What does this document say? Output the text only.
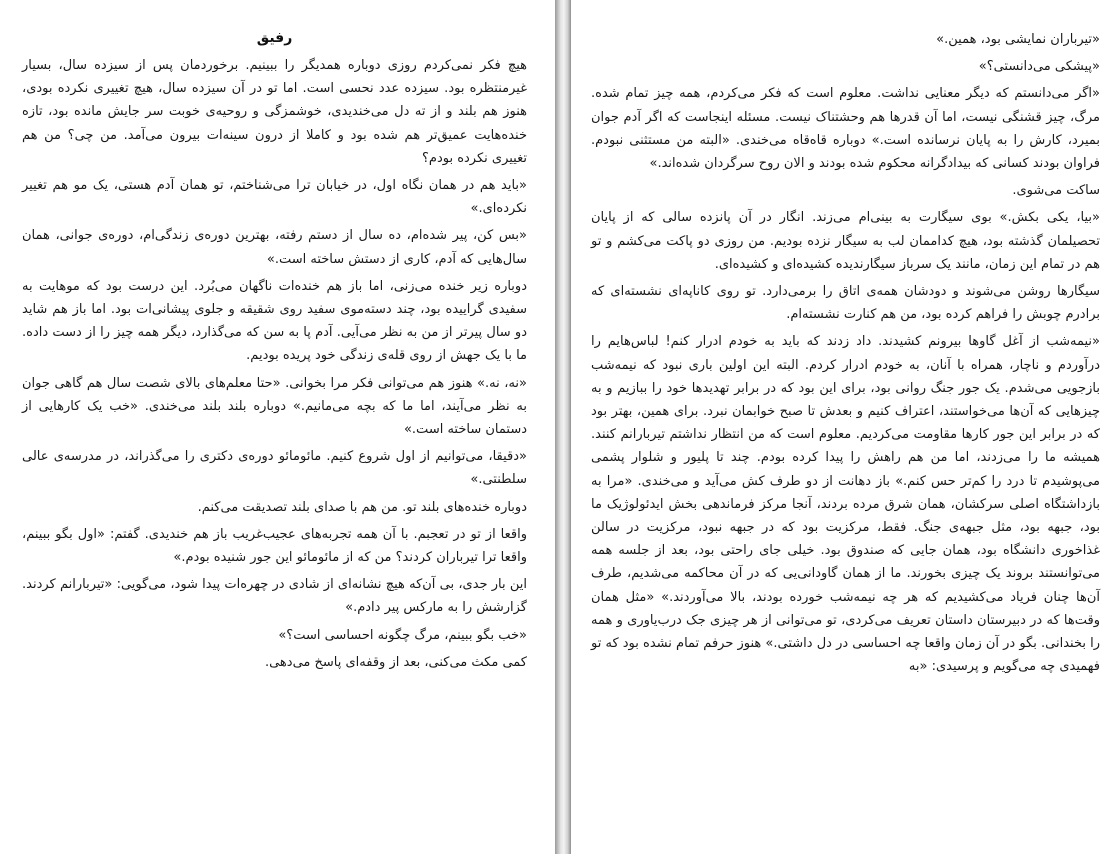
رفیق

هیچ فکر نمی‌کردم روزی دوباره همدیگر را ببینیم. برخوردمان پس از سیزده سال، بسیار غیرمنتظره بود. سیزده عدد نحسی است. اما تو در آن سیزده سال، هیچ تغییری نکرده بودی، هنوز هم بلند و از ته دل می‌خندیدی، خوشمزگی و روحیه‌ی خوبت سر جایش مانده بود، تازه خنده‌هایت عمیق‌تر هم شده بود و کاملا از درون سینه‌ات بیرون می‌آمد. من چی؟ من هم تغییری نکرده بودم؟

«باید هم در همان نگاه اول، در خیابان ترا می‌شناختم، تو همان آدم هستی، یک مو هم تغییر نکرده‌ای.»

«بس کن، پیر شده‌ام، ده سال از دستم رفته، بهترین دوره‌ی زندگی‌ام، دوره‌ی جوانی، همان سال‌هایی که آدم، کاری از دستش ساخته است.»

دوباره زیر خنده می‌زنی، اما باز هم خنده‌ات ناگهان می‌بُرد. این درست بود که موهایت به سفیدی گراییده بود، چند دسته‌موی سفید روی شقیقه و جلوی پیشانی‌ات بود. اما باز هم شاید دو سال پیرتر از من به نظر می‌آیی. آدم پا به سن که می‌گذارد، دیگر همه چیز را از دست داده. ما با یک جهش از روی قله‌ی زندگی خود پریده بودیم.

«نه، نه.» هنوز هم می‌توانی فکر مرا بخوانی. «حتا معلم‌های بالای شصت سال هم گاهی جوان به نظر می‌آیند، اما ما که بچه می‌مانیم.» دوباره بلند بلند می‌خندی. «خب یک کارهایی از دستمان ساخته است.»

«دقیقا، می‌توانیم از اول شروع کنیم. مائومائو دوره‌ی دکتری را می‌گذراند، در مدرسه‌ی عالی سلطنتی.»

دوباره خنده‌های بلند تو. من هم با صدای بلند تصدیقت می‌کنم.

واقعا از تو در تعجبم. با آن همه تجربه‌های عجیب‌غریب باز هم خندیدی. گفتم: «اول بگو ببینم، واقعا ترا تیرباران کردند؟ من که از مائومائو این جور شنیده بودم.»

این بار جدی، بی آن‌که هیچ نشانه‌ای از شادی در چهره‌ات پیدا شود، می‌گویی: «تیربارانم کردند. گزارشش را به مارکس پیر دادم.»

«خب بگو ببینم، مرگ چگونه احساسی است؟»

کمی مکث می‌کنی، بعد از وقفه‌ای پاسخ می‌دهی.

«تیرباران نمایشی بود، همین.»

«پیشکی می‌دانستی؟»

«اگر می‌دانستم که دیگر معنایی نداشت. معلوم است که فکر می‌کردم، همه چیز تمام شده. مرگ، چیز قشنگی نیست، اما آن قدرها هم وحشتناک نیست. مسئله اینجاست که اگر آدم جوان بمیرد، کارش را به پایان نرسانده است.» دوباره قاه‌قاه می‌خندی. «البته من مستثنی نبودم. فراوان بودند کسانی که بیدادگرانه محکوم شده بودند و الان روح سرگردان شده‌اند.»

ساکت می‌شوی.

«بیا، یکی بکش.» بوی سیگارت به بینی‌ام می‌زند. انگار در آن پانزده سالی که از پایان تحصیلمان گذشته بود، هیچ کداممان لب به سیگار نزده بودیم. من روزی دو پاکت می‌کشم و تو هم در تمام این زمان، مانند یک سرباز سیگارندیده کشیده‌ای و کشیده‌ای.

سیگارها روشن می‌شوند و دودشان همه‌ی اتاق را برمی‌دارد. تو روی کاناپه‌ای نشسته‌ای که برادرم چوبش را فراهم کرده بود، من هم کنارت نشسته‌ام.

«نیمه‌شب از آغل گاوها بیرونم کشیدند. داد زدند که باید به خودم ادرار کنم! لباس‌هایم را درآوردم و ناچار، همراه با آنان، به خودم ادرار کردم. البته این اولین باری نبود که نیمه‌شب بازجویی می‌شدم. یک جور جنگ روانی بود، برای این بود که در برابر تهدیدها خود را ببازیم و به چیزهایی که آن‌ها می‌خواستند، اعتراف کنیم و بعدش تا صبح خوابمان نبرد. برای همین، بهتر بود که در برابر این جور کارها مقاومت می‌کردیم. معلوم است که من انتظار نداشتم تیربارانم کنند. همیشه ما را می‌زدند، اما من هم راهش را پیدا کرده بودم. چند تا پلیور و شلوار پشمی می‌پوشیدم تا درد را کم‌تر حس کنم.» باز دهانت از دو طرف کش می‌آید و می‌خندی. «مرا به بازداشتگاه اصلی سرکشان، همان شرق مرده بردند، آنجا مرکز فرماندهی بخش ایدئولوژیک ما بود، جبهه بود، مثل جبهه‌ی جنگ. فقط، مرکزیت بود که در جبهه نبود، مرکزیت در سالن غذاخوری دانشگاه بود، همان جایی که صندوق بود. خیلی جای راحتی بود، بعد از جلسه همه می‌توانستند بروند یک چیزی بخورند. ما از همان گاودانی‌یی که در آن محاکمه می‌شدیم، طرف آن‌ها چنان فریاد می‌کشیدیم که هر چه نیمه‌شب خورده بودند، بالا می‌آوردند.» «مثل همان وقت‌ها که در دبیرستان داستان تعریف می‌کردی، تو می‌توانی از هر چیزی جک درب‌یاوری و همه را بخندانی. بگو در آن زمان واقعا چه احساسی در دل داشتی.» هنوز حرفم تمام نشده بود که تو فهمیدی چه می‌گویم و پرسیدی: «به
